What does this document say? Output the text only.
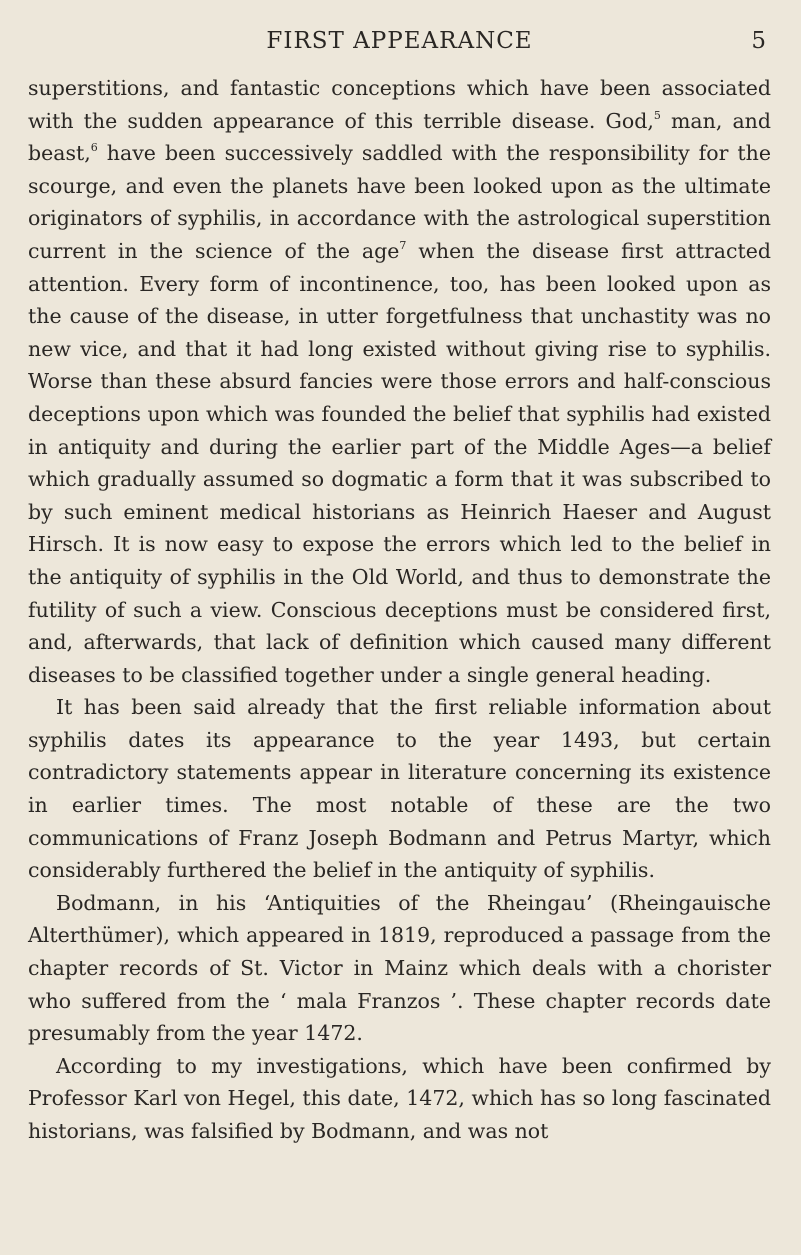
FIRST APPEARANCE	5

superstitions, and fantastic conceptions which have been associated with the sudden appearance of this terrible disease. God,$^5$ man, and beast,$^6$ have been successively saddled with the responsibility for the scourge, and even the planets have been looked upon as the ultimate originators of syphilis, in accordance with the astrological superstition current in the science of the age$^7$ when the disease first attracted attention. Every form of incontinence, too, has been looked upon as the cause of the disease, in utter forgetfulness that unchastity was no new vice, and that it had long existed without giving rise to syphilis. Worse than these absurd fancies were those errors and half-conscious deceptions upon which was founded the belief that syphilis had existed in antiquity and during the earlier part of the Middle Ages—a belief which gradually assumed so dogmatic a form that it was subscribed to by such eminent medical historians as Heinrich Haeser and August Hirsch. It is now easy to expose the errors which led to the belief in the antiquity of syphilis in the Old World, and thus to demonstrate the futility of such a view. Conscious deceptions must be considered first, and, afterwards, that lack of definition which caused many different diseases to be classified together under a single general heading.

It has been said already that the first reliable information about syphilis dates its appearance to the year 1493, but certain contradictory statements appear in literature concerning its existence in earlier times. The most notable of these are the two communications of Franz Joseph Bodmann and Petrus Martyr, which considerably furthered the belief in the antiquity of syphilis.

Bodmann, in his ‘Antiquities of the Rheingau’ (Rheingauische Alterthümer), which appeared in 1819, reproduced a passage from the chapter records of St. Victor in Mainz which deals with a chorister who suffered from the ‘ mala Franzos ’. These chapter records date presumably from the year 1472.

According to my investigations, which have been confirmed by Professor Karl von Hegel, this date, 1472, which has so long fascinated historians, was falsified by Bodmann, and was not
